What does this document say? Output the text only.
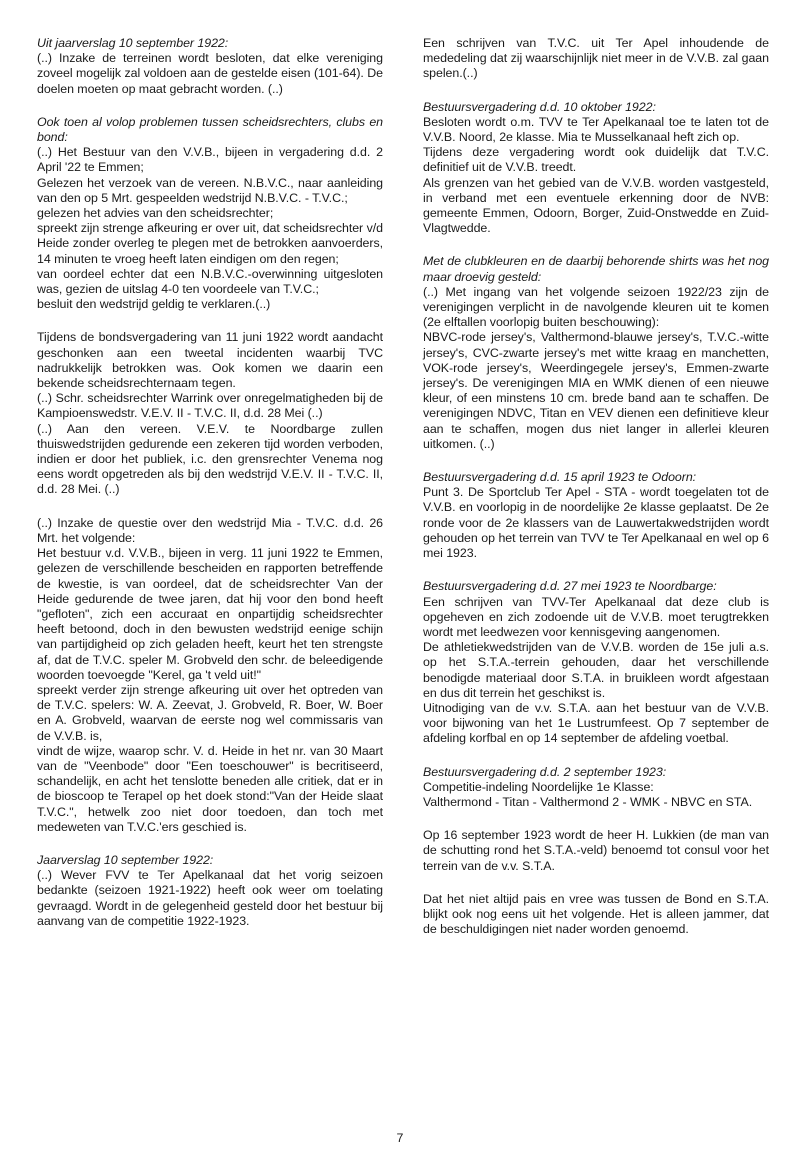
Uit jaarverslag 10 september 1922:
(..) Inzake de terreinen wordt besloten, dat elke vereniging zoveel mogelijk zal voldoen aan de gestelde eisen (101-64). De doelen moeten op maat gebracht worden. (..)

Ook toen al volop problemen tussen scheidsrechters, clubs en bond:
(..) Het Bestuur van den V.V.B., bijeen in vergadering d.d. 2 April '22 te Emmen;
Gelezen het verzoek van de vereen. N.B.V.C., naar aanleiding van den op 5 Mrt. gespeelden wedstrijd N.B.V.C. - T.V.C.;
gelezen het advies van den scheidsrechter;
spreekt zijn strenge afkeuring er over uit, dat scheidsrechter v/d Heide zonder overleg te plegen met de betrokken aanvoerders, 14 minuten te vroeg heeft laten eindigen om den regen;
van oordeel echter dat een N.B.V.C.-overwinning uitgesloten was, gezien de uitslag 4-0 ten voordeele van T.V.C.;
besluit den wedstrijd geldig te verklaren.(..)

Tijdens de bondsvergadering van 11 juni 1922 wordt aandacht geschonken aan een tweetal incidenten waarbij TVC nadrukkelijk betrokken was. Ook komen we daarin een bekende scheidsrechternaam tegen.
(..) Schr. scheidsrechter Warrink over onregelmatigheden bij de Kampioenswedstr. V.E.V. II - T.V.C. II, d.d. 28 Mei (..)
(..) Aan den vereen. V.E.V. te Noordbarge zullen thuiswedstrijden gedurende een zekeren tijd worden verboden, indien er door het publiek, i.c. den grensrechter Venema nog eens wordt opgetreden als bij den wedstrijd V.E.V. II - T.V.C. II, d.d. 28 Mei. (..)

(..) Inzake de questie over den wedstrijd Mia - T.V.C. d.d. 26 Mrt. het volgende:
Het bestuur v.d. V.V.B., bijeen in verg. 11 juni 1922 te Emmen, gelezen de verschillende bescheiden en rapporten betreffende de kwestie, is van oordeel, dat de scheidsrechter Van der Heide gedurende de twee jaren, dat hij voor den bond heeft "gefloten", zich een accuraat en onpartijdig scheidsrechter heeft betoond, doch in den bewusten wedstrijd eenige schijn van partijdigheid op zich geladen heeft, keurt het ten strengste af, dat de T.V.C. speler M. Grobveld den schr. de beleedigende woorden toevoegde "Kerel, ga 't veld uit!"
spreekt verder zijn strenge afkeuring uit over het optreden van de T.V.C. spelers: W. A. Zeevat, J. Grobveld, R. Boer, W. Boer en A. Grobveld, waarvan de eerste nog wel commissaris van de V.V.B. is,
vindt de wijze, waarop schr. V. d. Heide in het nr. van 30 Maart van de "Veenbode" door "Een toeschouwer" is becritiseerd, schandelijk, en acht het tenslotte beneden alle critiek, dat er in de bioscoop te Terapel op het doek stond:"Van der Heide slaat T.V.C.", hetwelk zoo niet door toedoen, dan toch met medeweten van T.V.C.'ers geschied is.

Jaarverslag 10 september 1922:
(..) Wever FVV te Ter Apelkanaal dat het vorig seizoen bedankte (seizoen 1921-1922) heeft ook weer om toelating gevraagd. Wordt in de gelegenheid gesteld door het bestuur bij aanvang van de competitie 1922-1923.

Een schrijven van T.V.C. uit Ter Apel inhoudende de mededeling dat zij waarschijnlijk niet meer in de V.V.B. zal gaan spelen.(..)

Bestuursvergadering d.d. 10 oktober 1922:
Besloten wordt o.m. TVV te Ter Apelkanaal toe te laten tot de V.V.B. Noord, 2e klasse. Mia te Musselkanaal heft zich op.
Tijdens deze vergadering wordt ook duidelijk dat T.V.C. definitief uit de V.V.B. treedt.
Als grenzen van het gebied van de V.V.B. worden vastgesteld, in verband met een eventuele erkenning door de NVB: gemeente Emmen, Odoorn, Borger, Zuid-Onstwedde en Zuid-Vlagtwedde.

Met de clubkleuren en de daarbij behorende shirts was het nog maar droevig gesteld:
(..) Met ingang van het volgende seizoen 1922/23 zijn de verenigingen verplicht in de navolgende kleuren uit te komen (2e elftallen voorlopig buiten beschouwing):
NBVC-rode jersey's, Valthermond-blauwe jersey's, T.V.C.-witte jersey's, CVC-zwarte jersey's met witte kraag en manchetten, VOK-rode jersey's, Weerdingegele jersey's, Emmen-zwarte jersey's. De verenigingen MIA en WMK dienen of een nieuwe kleur, of een minstens 10 cm. brede band aan te schaffen. De verenigingen NDVC, Titan en VEV dienen een definitieve kleur aan te schaffen, mogen dus niet langer in allerlei kleuren uitkomen. (..)

Bestuursvergadering d.d. 15 april 1923 te Odoorn:
Punt 3. De Sportclub Ter Apel - STA - wordt toegelaten tot de V.V.B. en voorlopig in de noordelijke 2e klasse geplaatst. De 2e ronde voor de 2e klassers van de Lauwertakwedstrijden wordt gehouden op het terrein van TVV te Ter Apelkanaal en wel op 6 mei 1923.

Bestuursvergadering d.d. 27 mei 1923 te Noordbarge:
Een schrijven van TVV-Ter Apelkanaal dat deze club is opgeheven en zich zodoende uit de V.V.B. moet terugtrekken wordt met leedwezen voor kennisgeving aangenomen.
De athletiekwedstrijden van de V.V.B. worden de 15e juli a.s. op het S.T.A.-terrein gehouden, daar het verschillende benodigde materiaal door S.T.A. in bruikleen wordt afgestaan en dus dit terrein het geschikst is.
Uitnodiging van de v.v. S.T.A. aan het bestuur van de V.V.B. voor bijwoning van het 1e Lustrumfeest. Op 7 september de afdeling korfbal en op 14 september de afdeling voetbal.

Bestuursvergadering d.d. 2 september 1923:
Competitie-indeling Noordelijke 1e Klasse:
Valthermond - Titan - Valthermond 2 - WMK - NBVC en STA.

Op 16 september 1923 wordt de heer H. Lukkien (de man van de schutting rond het S.T.A.-veld) benoemd tot consul voor het terrein van de v.v. S.T.A.

Dat het niet altijd pais en vree was tussen de Bond en S.T.A. blijkt ook nog eens uit het volgende. Het is alleen jammer, dat de beschuldigingen niet nader worden genoemd.

7
